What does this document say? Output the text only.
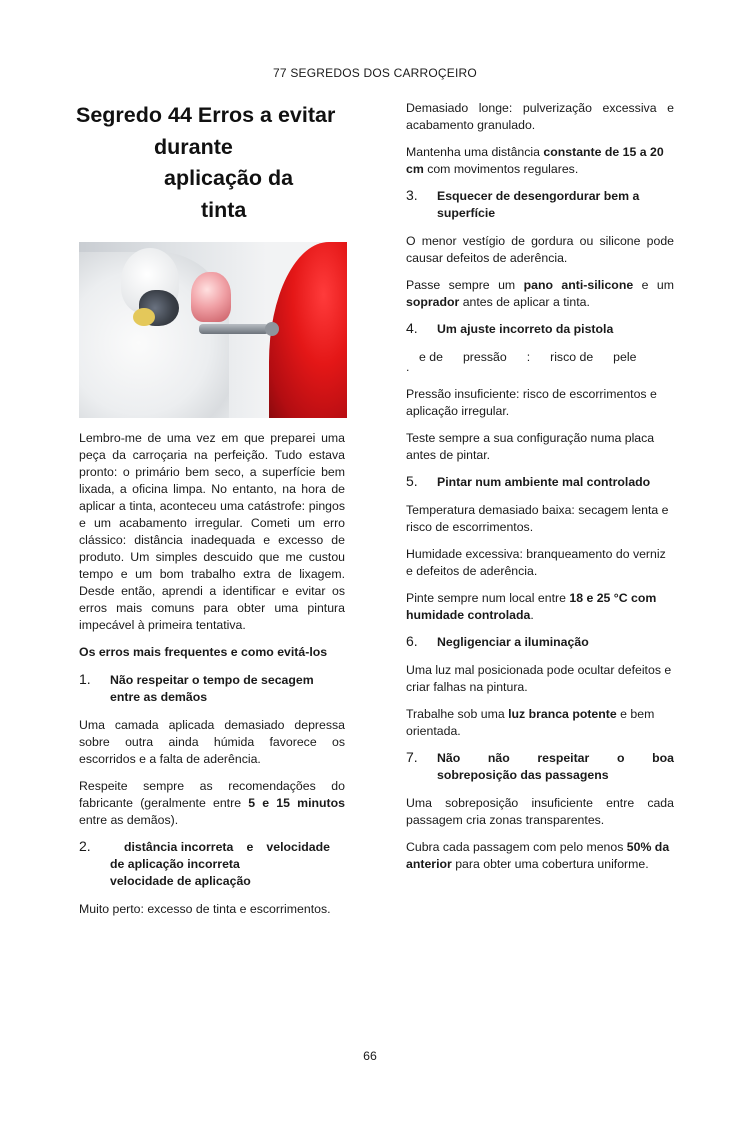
77 SEGREDOS DOS CARROÇEIRO
Segredo 44 Erros a evitar
durante
aplicação da
tinta

Lembro-me de uma vez em que preparei uma peça da carroçaria na perfeição. Tudo estava pronto: o primário bem seco, a superfície bem lixada, a oficina limpa. No entanto, na hora de aplicar a tinta, aconteceu uma catástrofe: pingos e um acabamento irregular. Cometi um erro clássico: distância inadequada e excesso de produto. Um simples descuido que me custou tempo e um bom trabalho extra de lixagem. Desde então, aprendi a identificar e evitar os erros mais comuns para obter uma pintura impecável à primeira tentativa.

Os erros mais frequentes e como evitá-los
1. Não respeitar o tempo de secagem
entre as demãos

Uma camada aplicada demasiado depressa sobre outra ainda húmida favorece os escorridos e a falta de aderência.

Respeite sempre as recomendações do fabricante (geralmente entre 5 e 15 minutos entre as demãos).

2.	distância incorreta e velocidade
de aplicação incorreta
velocidade de aplicação

Muito perto: excesso de tinta e escorrimentos.

Demasiado longe: pulverização excessiva e acabamento granulado.

Mantenha uma distância constante de 15 a 20 cm com movimentos regulares.

3. Esquecer de desengordurar bem a
superfície

O menor vestígio de gordura ou silicone pode causar defeitos de aderência.

Passe sempre um pano anti-silicone e um soprador antes de aplicar a tinta.

4. Um ajuste incorreto da pistola
e de pressão : risco de pele
.

Pressão insuficiente: risco de escorrimentos e aplicação irregular.

Teste sempre a sua configuração numa placa antes de pintar.

5. Pintar num ambiente mal controlado

Temperatura demasiado baixa: secagem lenta e risco de escorrimentos.

Humidade excessiva: branqueamento do verniz e defeitos de aderência.

Pinte sempre num local entre 18 e 25 °C com humidade controlada.

6. Negligenciar a iluminação

Uma luz mal posicionada pode ocultar defeitos e criar falhas na pintura.

Trabalhe sob uma luz branca potente e bem orientada.

7. Não não respeitar o boa
sobreposição das passagens

Uma sobreposição insuficiente entre cada passagem cria zonas transparentes.

Cubra cada passagem com pelo menos 50% da anterior para obter uma cobertura uniforme.

66
